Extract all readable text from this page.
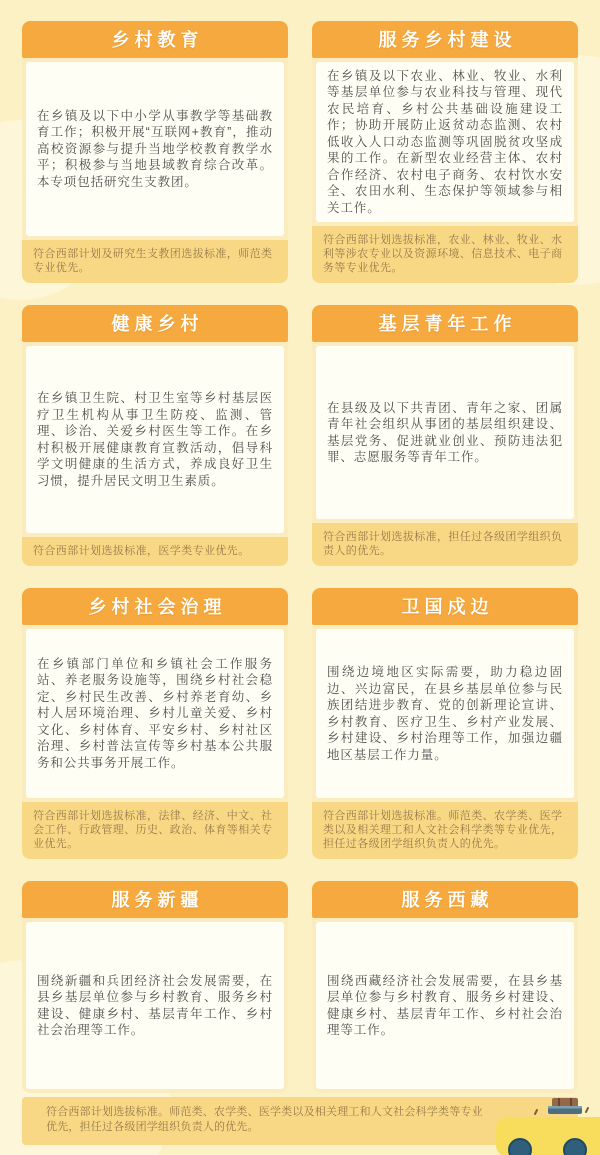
乡村教育

在乡镇及以下中小学从事教学等基础教育工作；积极开展“互联网+教育”，推动高校资源参与提升当地学校教育教学水平；积极参与当地县域教育综合改革。本专项包括研究生支教团。

符合西部计划及研究生支教团选拔标准，师范类专业优先。
服务乡村建设

在乡镇及以下农业、林业、牧业、水利等基层单位参与农业科技与管理、现代农民培育、乡村公共基础设施建设工作；协助开展防止返贫动态监测、农村低收入人口动态监测等巩固脱贫攻坚成果的工作。在新型农业经营主体、农村合作经济、农村电子商务、农村饮水安全、农田水利、生态保护等领域参与相关工作。

符合西部计划选拔标准，农业、林业、牧业、水利等涉农专业以及资源环境、信息技术、电子商务等专业优先。
健康乡村

在乡镇卫生院、村卫生室等乡村基层医疗卫生机构从事卫生防疫、监测、管理、诊治、关爱乡村医生等工作。在乡村积极开展健康教育宣教活动，倡导科学文明健康的生活方式，养成良好卫生习惯，提升居民文明卫生素质。

符合西部计划选拔标准，医学类专业优先。
基层青年工作

在县级及以下共青团、青年之家、团属青年社会组织从事团的基层组织建设、基层党务、促进就业创业、预防违法犯罪、志愿服务等青年工作。

符合西部计划选拔标准，担任过各级团学组织负责人的优先。
乡村社会治理

在乡镇部门单位和乡镇社会工作服务站、养老服务设施等，围绕乡村社会稳定、乡村民生改善、乡村养老育幼、乡村人居环境治理、乡村儿童关爱、乡村文化、乡村体育、平安乡村、乡村社区治理、乡村普法宣传等乡村基本公共服务和公共事务开展工作。

符合西部计划选拔标准，法律、经济、中文、社会工作、行政管理、历史、政治、体育等相关专业优先。
卫国戍边

围绕边境地区实际需要，助力稳边固边、兴边富民，在县乡基层单位参与民族团结进步教育、党的创新理论宣讲、乡村教育、医疗卫生、乡村产业发展、乡村建设、乡村治理等工作，加强边疆地区基层工作力量。

符合西部计划选拔标准。师范类、农学类、医学类以及相关理工和人文社会科学类等专业优先，担任过各级团学组织负责人的优先。
服务新疆

围绕新疆和兵团经济社会发展需要，在县乡基层单位参与乡村教育、服务乡村建设、健康乡村、基层青年工作、乡村社会治理等工作。

服务西藏

围绕西藏经济社会发展需要，在县乡基层单位参与乡村教育、服务乡村建设、健康乡村、基层青年工作、乡村社会治理等工作。

符合西部计划选拔标准。师范类、农学类、医学类以及相关理工和人文社会科学类等专业优先，担任过各级团学组织负责人的优先。
